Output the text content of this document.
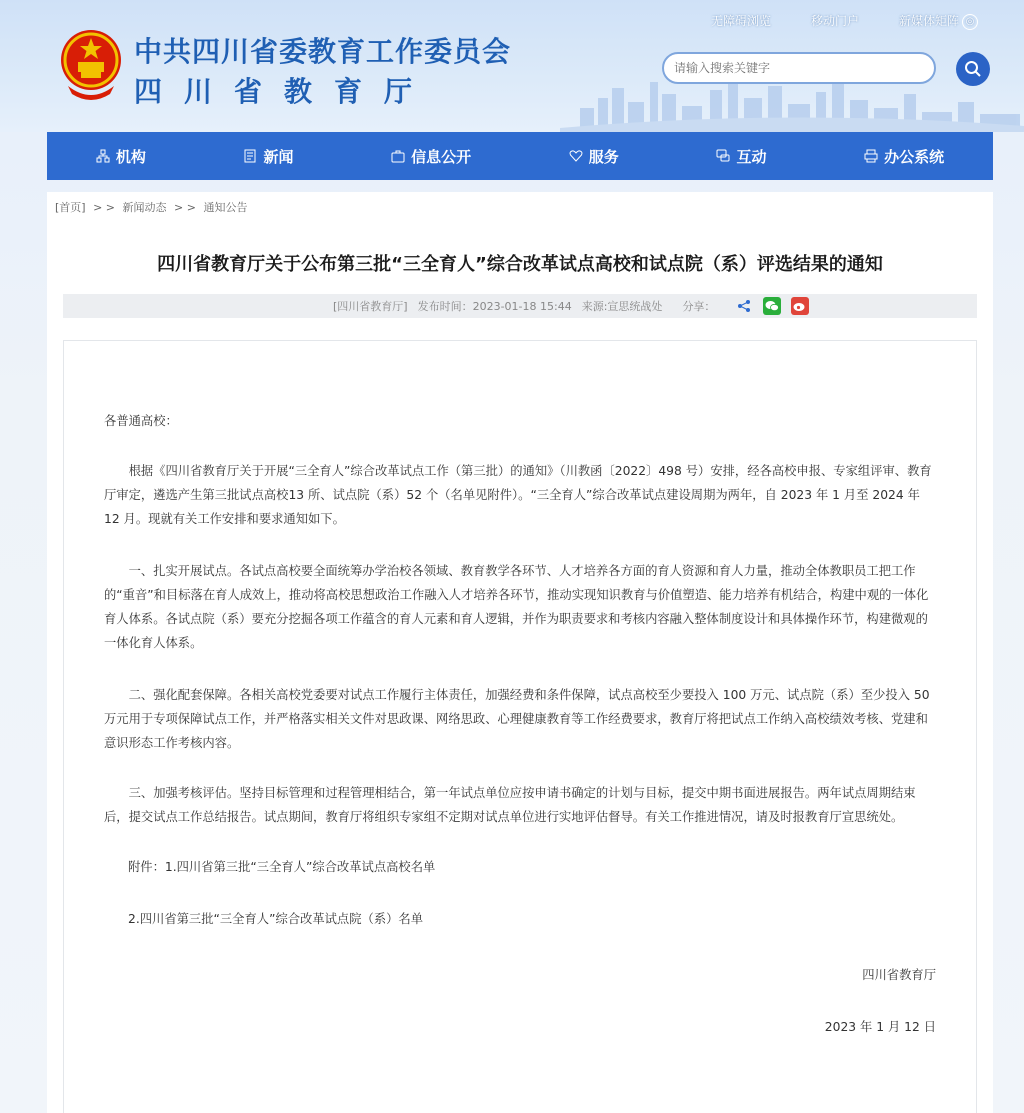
中共四川省委教育工作委员会
四川省教育厅
无障碍浏览	移动门户	新媒体矩阵 ◎
请输入搜索关键字
机构	新闻	信息公开	服务	互动	办公系统
[首页] > > 新闻动态 > > 通知公告
四川省教育厅关于公布第三批“三全育人”综合改革试点高校和试点院（系）评选结果的通知
[四川省教育厅] 发布时间：2023-01-18 15:44 来源:宣思统战处 分享：
各普通高校：
根据《四川省教育厅关于开展“三全育人”综合改革试点工作（第三批）的通知》（川教函〔2022〕498 号）安排，经各高校申报、专家组评审、教育厅审定，遴选产生第三批试点高校13 所、试点院（系）52 个（名单见附件）。“三全育人”综合改革试点建设周期为两年，自 2023 年 1 月至 2024 年 12 月。现就有关工作安排和要求通知如下。
一、扎实开展试点。各试点高校要全面统筹办学治校各领域、教育教学各环节、人才培养各方面的育人资源和育人力量，推动全体教职员工把工作的“重音”和目标落在育人成效上，推动将高校思想政治工作融入人才培养各环节，推动实现知识教育与价值塑造、能力培养有机结合，构建中观的一体化育人体系。各试点院（系）要充分挖掘各项工作蕴含的育人元素和育人逻辑，并作为职责要求和考核内容融入整体制度设计和具体操作环节，构建微观的一体化育人体系。
二、强化配套保障。各相关高校党委要对试点工作履行主体责任，加强经费和条件保障，试点高校至少要投入 100 万元、试点院（系）至少投入 50 万元用于专项保障试点工作，并严格落实相关文件对思政课、网络思政、心理健康教育等工作经费要求，教育厅将把试点工作纳入高校绩效考核、党建和意识形态工作考核内容。
三、加强考核评估。坚持目标管理和过程管理相结合，第一年试点单位应按申请书确定的计划与目标，提交中期书面进展报告。两年试点周期结束后，提交试点工作总结报告。试点期间，教育厅将组织专家组不定期对试点单位进行实地评估督导。有关工作推进情况，请及时报教育厅宣思统处。
附件：1.四川省第三批“三全育人”综合改革试点高校名单
2.四川省第三批“三全育人”综合改革试点院（系）名单
四川省教育厅
2023 年 1 月 12 日
